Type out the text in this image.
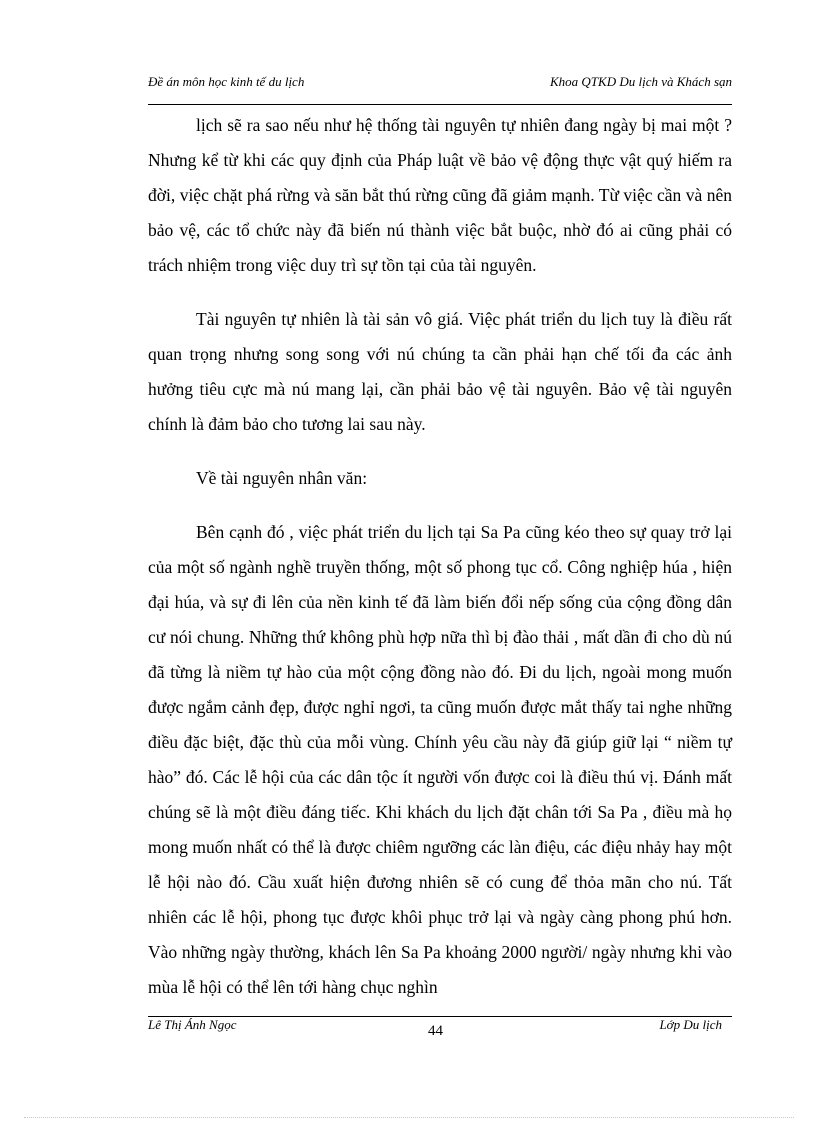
Đề án môn học kinh tế du lịch	Khoa QTKD Du lịch và Khách sạn

lịch sẽ ra sao nếu như hệ thống tài nguyên tự nhiên đang ngày bị mai một ? Nhưng kể từ khi các quy định của Pháp luật về bảo vệ động thực vật quý hiếm ra đời, việc chặt phá rừng và săn bắt thú rừng cũng đã giảm mạnh. Từ việc cần và nên bảo vệ, các tổ chức này đã biến nú thành việc bắt buộc, nhờ đó ai cũng phải có trách nhiệm trong việc duy trì sự tồn tại của tài nguyên.

Tài nguyên tự nhiên là tài sản vô giá. Việc phát triển du lịch tuy là điều rất quan trọng nhưng song song với nú chúng ta cần phải hạn chế tối đa các ảnh hưởng tiêu cực mà nú mang lại, cần phải bảo vệ tài nguyên. Bảo vệ tài nguyên chính là đảm bảo cho tương lai sau này.

Về tài nguyên nhân văn:

Bên cạnh đó , việc phát triển du lịch tại Sa Pa cũng kéo theo sự quay trở lại của một số ngành nghề truyền thống, một số phong tục cổ. Công nghiệp húa , hiện đại húa, và sự đi lên của nền kinh tế đã làm biến đổi nếp sống của cộng đồng dân cư nói chung. Những thứ không phù hợp nữa thì bị đào thải , mất dần đi cho dù nú đã từng là niềm tự hào của một cộng đồng nào đó. Đi du lịch, ngoài mong muốn được ngắm cảnh đẹp, được nghỉ ngơi, ta cũng muốn được mắt thấy tai nghe những điều đặc biệt, đặc thù của mỗi vùng. Chính yêu cầu này đã giúp giữ lại “ niềm tự hào” đó. Các lễ hội của các dân tộc ít người vốn được coi là điều thú vị. Đánh mất chúng sẽ là một điều đáng tiếc. Khi khách du lịch đặt chân tới Sa Pa , điều mà họ mong muốn nhất có thể là được chiêm ngưỡng các làn điệu, các điệu nhảy hay một lễ hội nào đó. Cầu xuất hiện đương nhiên sẽ có cung để thỏa mãn cho nú. Tất nhiên các lễ hội, phong tục được khôi phục trở lại và ngày càng phong phú hơn. Vào những ngày thường, khách lên Sa Pa khoảng 2000 người/ ngày nhưng khi vào mùa lễ hội có thể lên tới hàng chục nghìn

Lê Thị Ánh Ngọc	44	Lớp Du lịch
